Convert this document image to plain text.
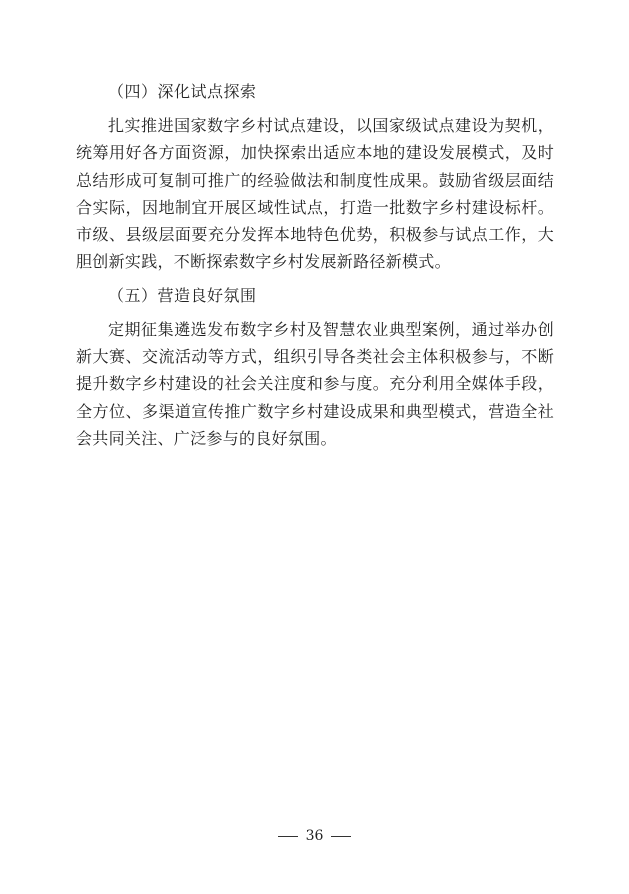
（四）深化试点探索

扎实推进国家数字乡村试点建设，以国家级试点建设为契机，统筹用好各方面资源，加快探索出适应本地的建设发展模式，及时总结形成可复制可推广的经验做法和制度性成果。鼓励省级层面结合实际，因地制宜开展区域性试点，打造一批数字乡村建设标杆。市级、县级层面要充分发挥本地特色优势，积极参与试点工作，大胆创新实践，不断探索数字乡村发展新路径新模式。

（五）营造良好氛围

定期征集遴选发布数字乡村及智慧农业典型案例，通过举办创新大赛、交流活动等方式，组织引导各类社会主体积极参与，不断提升数字乡村建设的社会关注度和参与度。充分利用全媒体手段，全方位、多渠道宣传推广数字乡村建设成果和典型模式，营造全社会共同关注、广泛参与的良好氛围。

36
